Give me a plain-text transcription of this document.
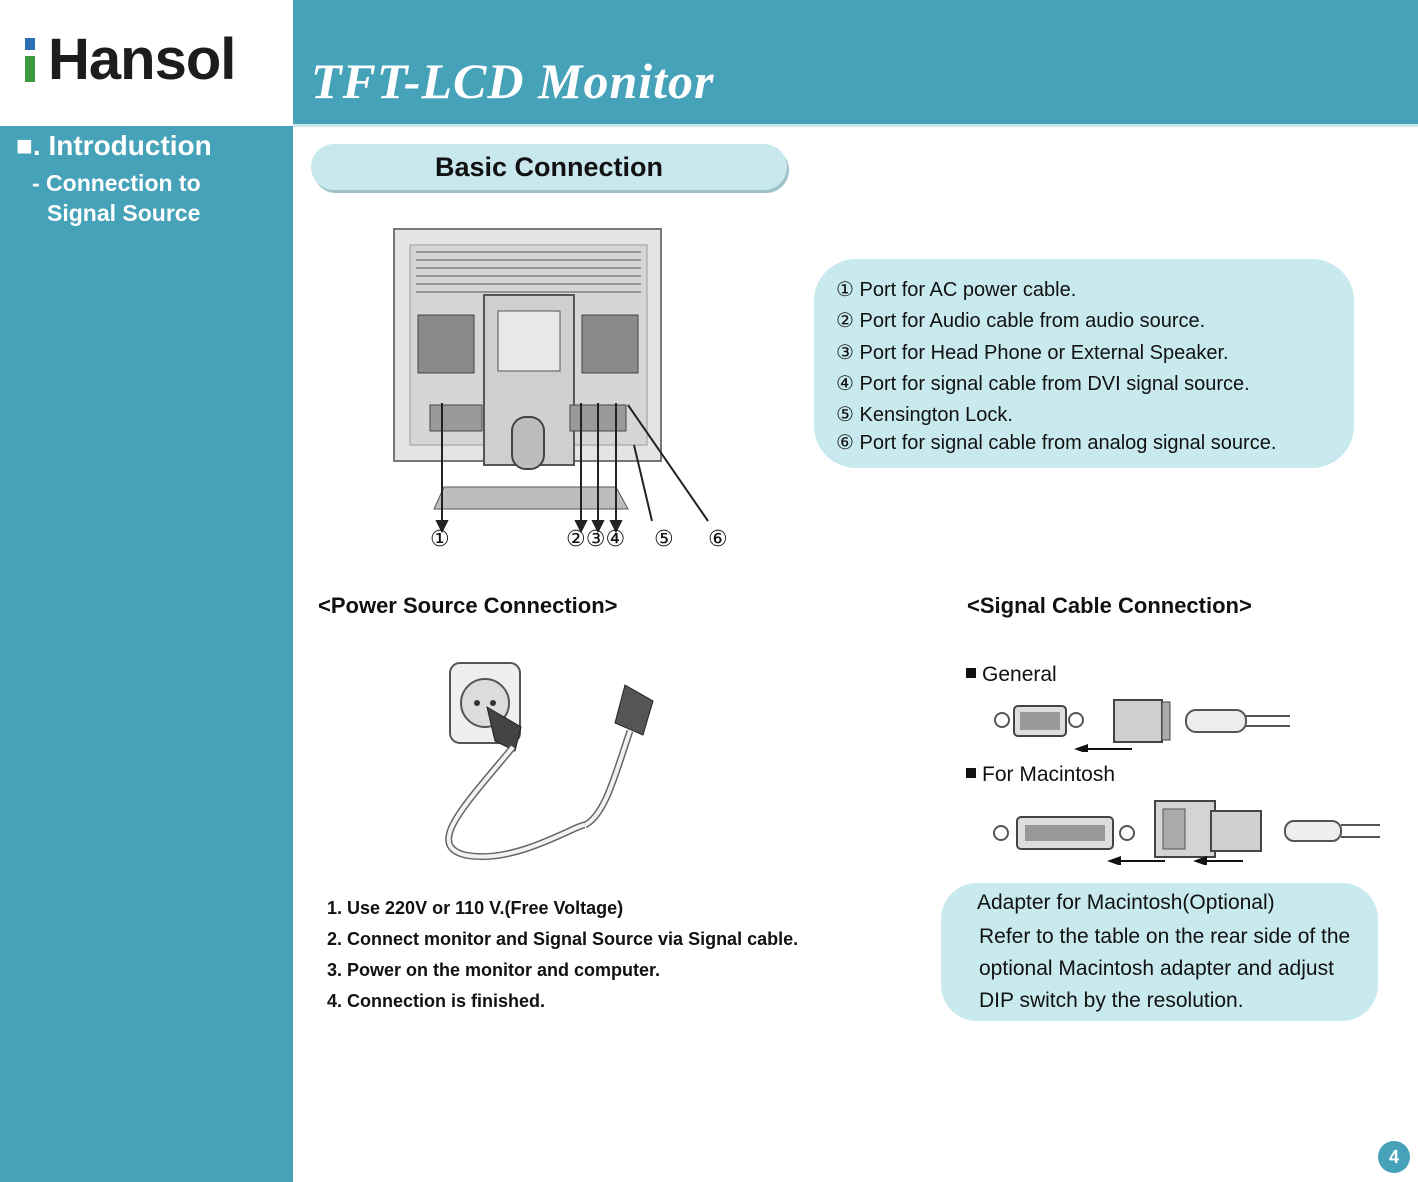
Hansol
■. Introduction
- Connection to
Signal Source
TFT-LCD Monitor
Basic Connection
①	②③④ ⑤ ⑥
① Port for AC power cable.
② Port for Audio cable from audio source.
③ Port for Head Phone or External Speaker.
④ Port for signal cable from DVI signal source.
⑤ Kensington Lock.
⑥ Port for signal cable from analog signal source.
<Power Source Connection>
1. Use 220V or 110 V.(Free Voltage)
2. Connect monitor and Signal Source via Signal cable.
3. Power on the monitor and computer.
4. Connection is finished.
<Signal Cable Connection>
General
For Macintosh
Adapter for Macintosh(Optional)
Refer to the table on the rear side of the optional Macintosh adapter and adjust DIP switch by the resolution.
4
